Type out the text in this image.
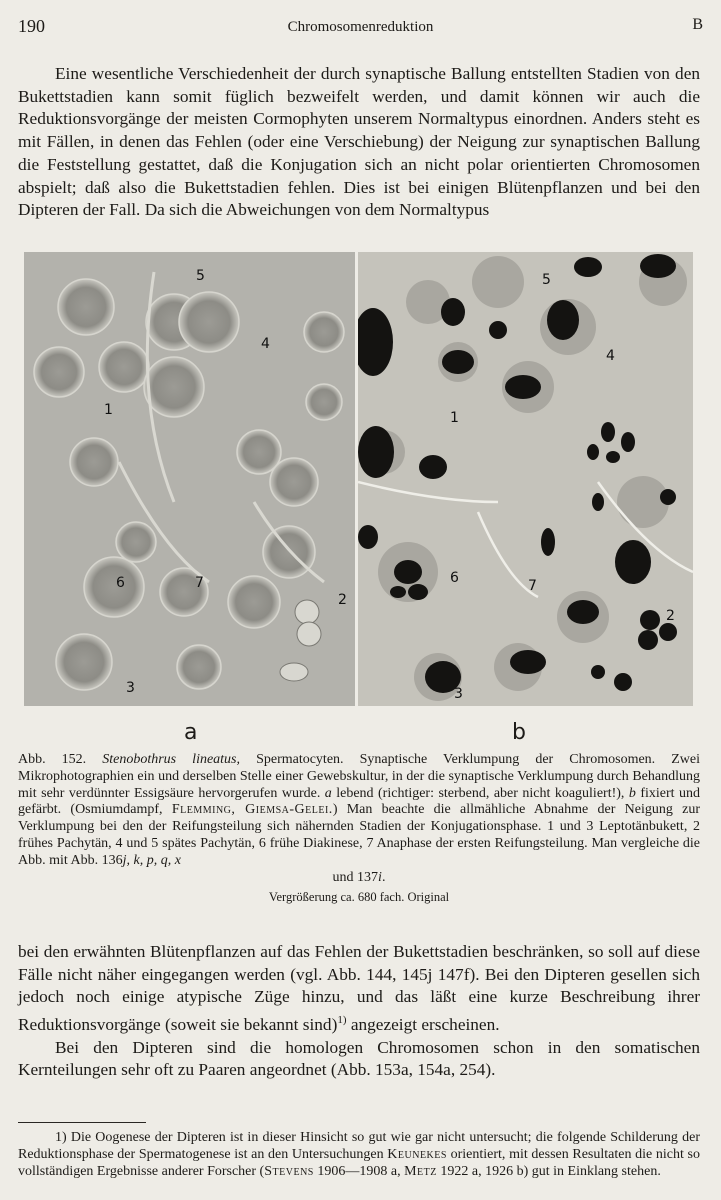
190	Chromosomenreduktion	B

Eine wesentliche Verschiedenheit der durch synaptische Ballung entstellten Stadien von den Bukettstadien kann somit füglich bezweifelt werden, und damit können wir auch die Reduktionsvorgänge der meisten Cormophyten unserem Normaltypus einordnen. Anders steht es mit Fällen, in denen das Fehlen (oder eine Verschiebung) der Neigung zur synaptischen Ballung die Feststellung gestattet, daß die Konjugation sich an nicht polar orientierten Chromosomen abspielt; daß also die Bukettstadien fehlen. Dies ist bei einigen Blütenpflanzen und bei den Dipteren der Fall. Da sich die Abweichungen von dem Normaltypus

5
4
1
6	7
2
3
5
4
1
6	7
2
3
a	b

Abb. 152. Stenobothrus lineatus, Spermatocyten. Synaptische Verklumpung der Chromosomen. Zwei Mikrophotographien ein und derselben Stelle einer Gewebskultur, in der die synaptische Verklumpung durch Behandlung mit sehr verdünnter Essigsäure hervorgerufen wurde. a lebend (richtiger: sterbend, aber nicht koaguliert!), b fixiert und gefärbt. (Osmiumdampf, Flemming, Giemsa-Gelei.) Man beachte die allmähliche Abnahme der Neigung zur Verklumpung bei den der Reifungsteilung sich nähernden Stadien der Konjugationsphase. 1 und 3 Leptotänbukett, 2 frühes Pachytän, 4 und 5 spätes Pachytän, 6 frühe Diakinese, 7 Anaphase der ersten Reifungsteilung. Man vergleiche die Abb. mit Abb. 136j, k, p, q, x

und 137i.

Vergrößerung ca. 680 fach. Original

bei den erwähnten Blütenpflanzen auf das Fehlen der Bukettstadien beschränken, so soll auf diese Fälle nicht näher eingegangen werden (vgl. Abb. 144, 145j 147f). Bei den Dipteren gesellen sich jedoch noch einige atypische Züge hinzu, und das läßt eine kurze Beschreibung ihrer Reduktionsvorgänge (soweit sie bekannt sind)$^{1)}$ angezeigt erscheinen.

Bei den Dipteren sind die homologen Chromosomen schon in den somatischen Kernteilungen sehr oft zu Paaren angeordnet (Abb. 153a, 154a, 254).

1) Die Oogenese der Dipteren ist in dieser Hinsicht so gut wie gar nicht untersucht; die folgende Schilderung der Reduktionsphase der Spermatogenese ist an den Untersuchungen Keunekes orientiert, mit dessen Resultaten die nicht so vollständigen Ergebnisse anderer Forscher (Stevens 1906—1908 a, Metz 1922 a, 1926 b) gut in Einklang stehen.
